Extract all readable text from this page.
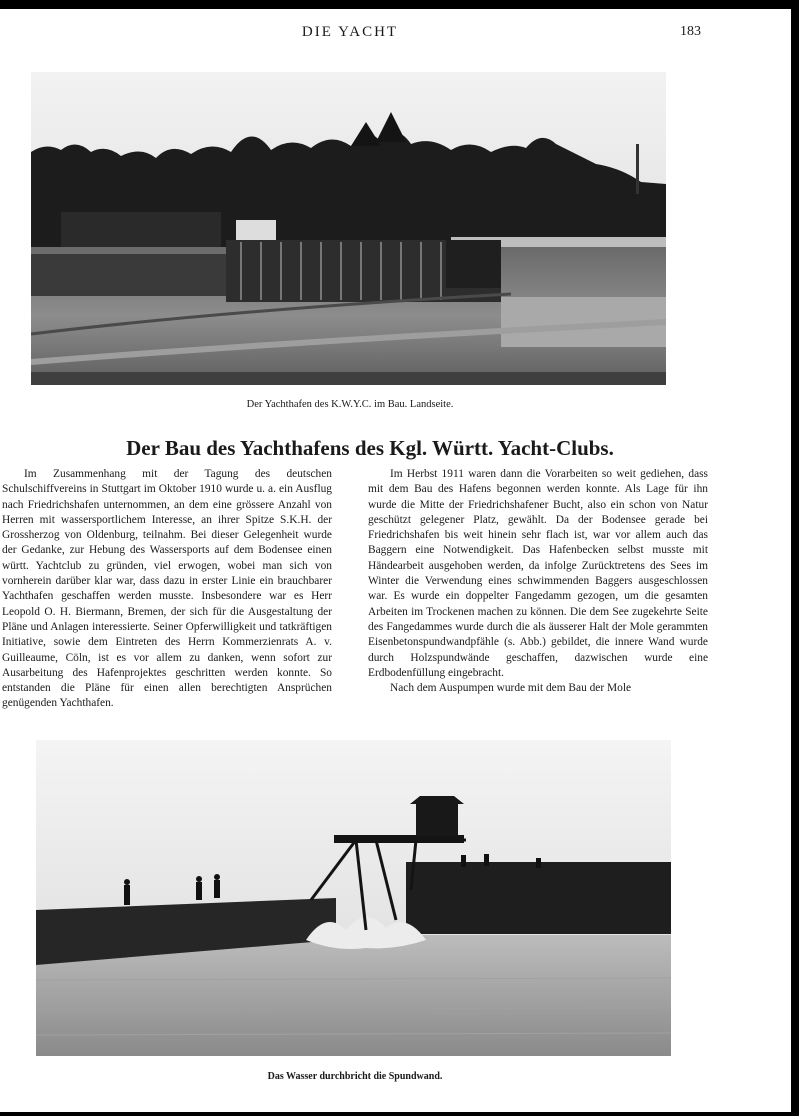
DIE YACHT	183
Der Yachthafen des K.W.Y.C. im Bau. Landseite.
Der Bau des Yachthafens des Kgl. Württ. Yacht-Clubs.

Im Zusammenhang mit der Tagung des deutschen Schulschiffvereins in Stuttgart im Oktober 1910 wurde u. a. ein Ausflug nach Friedrichshafen unternommen, an dem eine grössere Anzahl von Herren mit wassersportlichem Interesse, an ihrer Spitze S.K.H. der Grossherzog von Oldenburg, teilnahm. Bei dieser Gelegenheit wurde der Gedanke, zur Hebung des Wassersports auf dem Bodensee einen württ. Yachtclub zu gründen, viel erwogen, wobei man sich von vornherein darüber klar war, dass dazu in erster Linie ein brauchbarer Yachthafen geschaffen werden musste. Insbesondere war es Herr Leopold O. H. Biermann, Bremen, der sich für die Ausgestaltung der Pläne und Anlagen interessierte. Seiner Opferwilligkeit und tatkräftigen Initiative, sowie dem Eintreten des Herrn Kommerzienrats A. v. Guilleaume, Cöln, ist es vor allem zu danken, wenn sofort zur Ausarbeitung des Hafenprojektes geschritten werden konnte. So entstanden die Pläne für einen allen berechtigten Ansprüchen genügenden Yachthafen.

Im Herbst 1911 waren dann die Vorarbeiten so weit gediehen, dass mit dem Bau des Hafens begonnen werden konnte. Als Lage für ihn wurde die Mitte der Friedrichshafener Bucht, also ein schon von Natur geschützt gelegener Platz, gewählt. Da der Bodensee gerade bei Friedrichshafen bis weit hinein sehr flach ist, war vor allem auch das Baggern eine Notwendigkeit. Das Hafenbecken selbst musste mit Händearbeit ausgehoben werden, da infolge Zurücktretens des Sees im Winter die Verwendung eines schwimmenden Baggers ausgeschlossen war. Es wurde ein doppelter Fangedamm gezogen, um die gesamten Arbeiten im Trockenen machen zu können. Die dem See zugekehrte Seite des Fangedammes wurde durch die als äusserer Halt der Mole gerammten Eisenbetonspundwandpfähle (s. Abb.) gebildet, die innere Wand wurde durch Holzspundwände geschaffen, dazwischen wurde eine Erdbodenfüllung eingebracht.

Nach dem Auspumpen wurde mit dem Bau der Mole

Das Wasser durchbricht die Spundwand.
